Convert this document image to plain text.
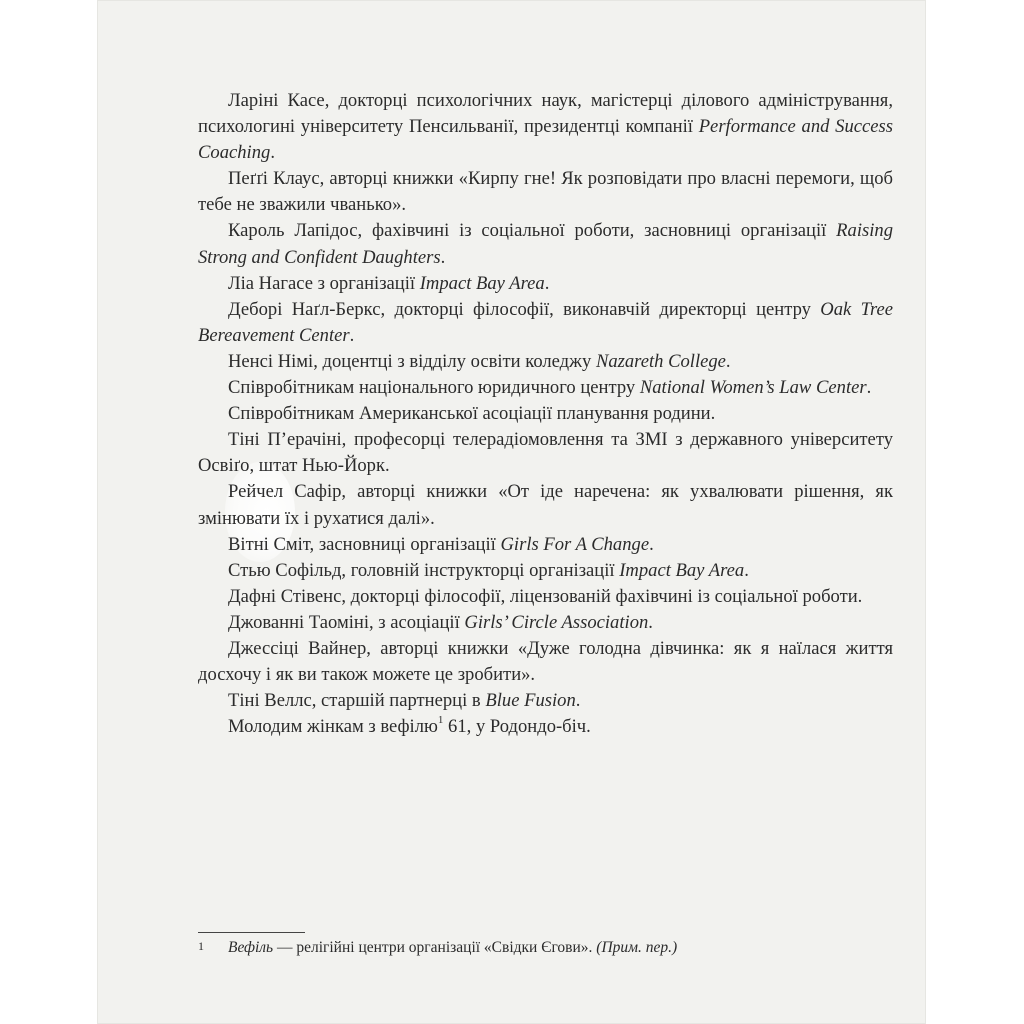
Ларіні Касе, докторці психологічних наук, магістерці ділового адміністрування, психологині університету Пенсильванії, президентці компанії Performance and Success Coaching.

Пеґґі Клаус, авторці книжки «Кирпу гне! Як розповідати про власні перемоги, щоб тебе не зважили чванько».

Кароль Лапідос, фахівчині із соціальної роботи, засновниці організації Raising Strong and Confident Daughters.

Ліа Нагасе з організації Impact Bay Area.

Деборі Наґл-Беркс, докторці філософії, виконавчій директорці центру Oak Tree Bereavement Center.

Ненсі Німі, доцентці з відділу освіти коледжу Nazareth College.

Співробітникам національного юридичного центру National Women’s Law Center.

Співробітникам Американської асоціації планування родини.

Тіні П’ерачіні, професорці телерадіомовлення та ЗМІ з державного університету Освіґо, штат Нью-Йорк.

Рейчел Сафір, авторці книжки «От іде наречена: як ухвалювати рішення, як змінювати їх і рухатися далі».

Вітні Сміт, засновниці організації Girls For A Change.

Стью Софільд, головній інструкторці організації Impact Bay Area.

Дафні Стівенс, докторці філософії, ліцензованій фахівчині із соціальної роботи.

Джованні Таоміні, з асоціації Girls’ Circle Association.

Джессіці Вайнер, авторці книжки «Дуже голодна дівчинка: як я наїлася життя досхочу і як ви також можете це зробити».

Тіні Веллс, старшій партнерці в Blue Fusion.

Молодим жінкам з вефілю$^1$ 61, у Родондо-біч.

1 Вефіль — релігійні центри організації «Свідки Єгови». (Прим. пер.)
